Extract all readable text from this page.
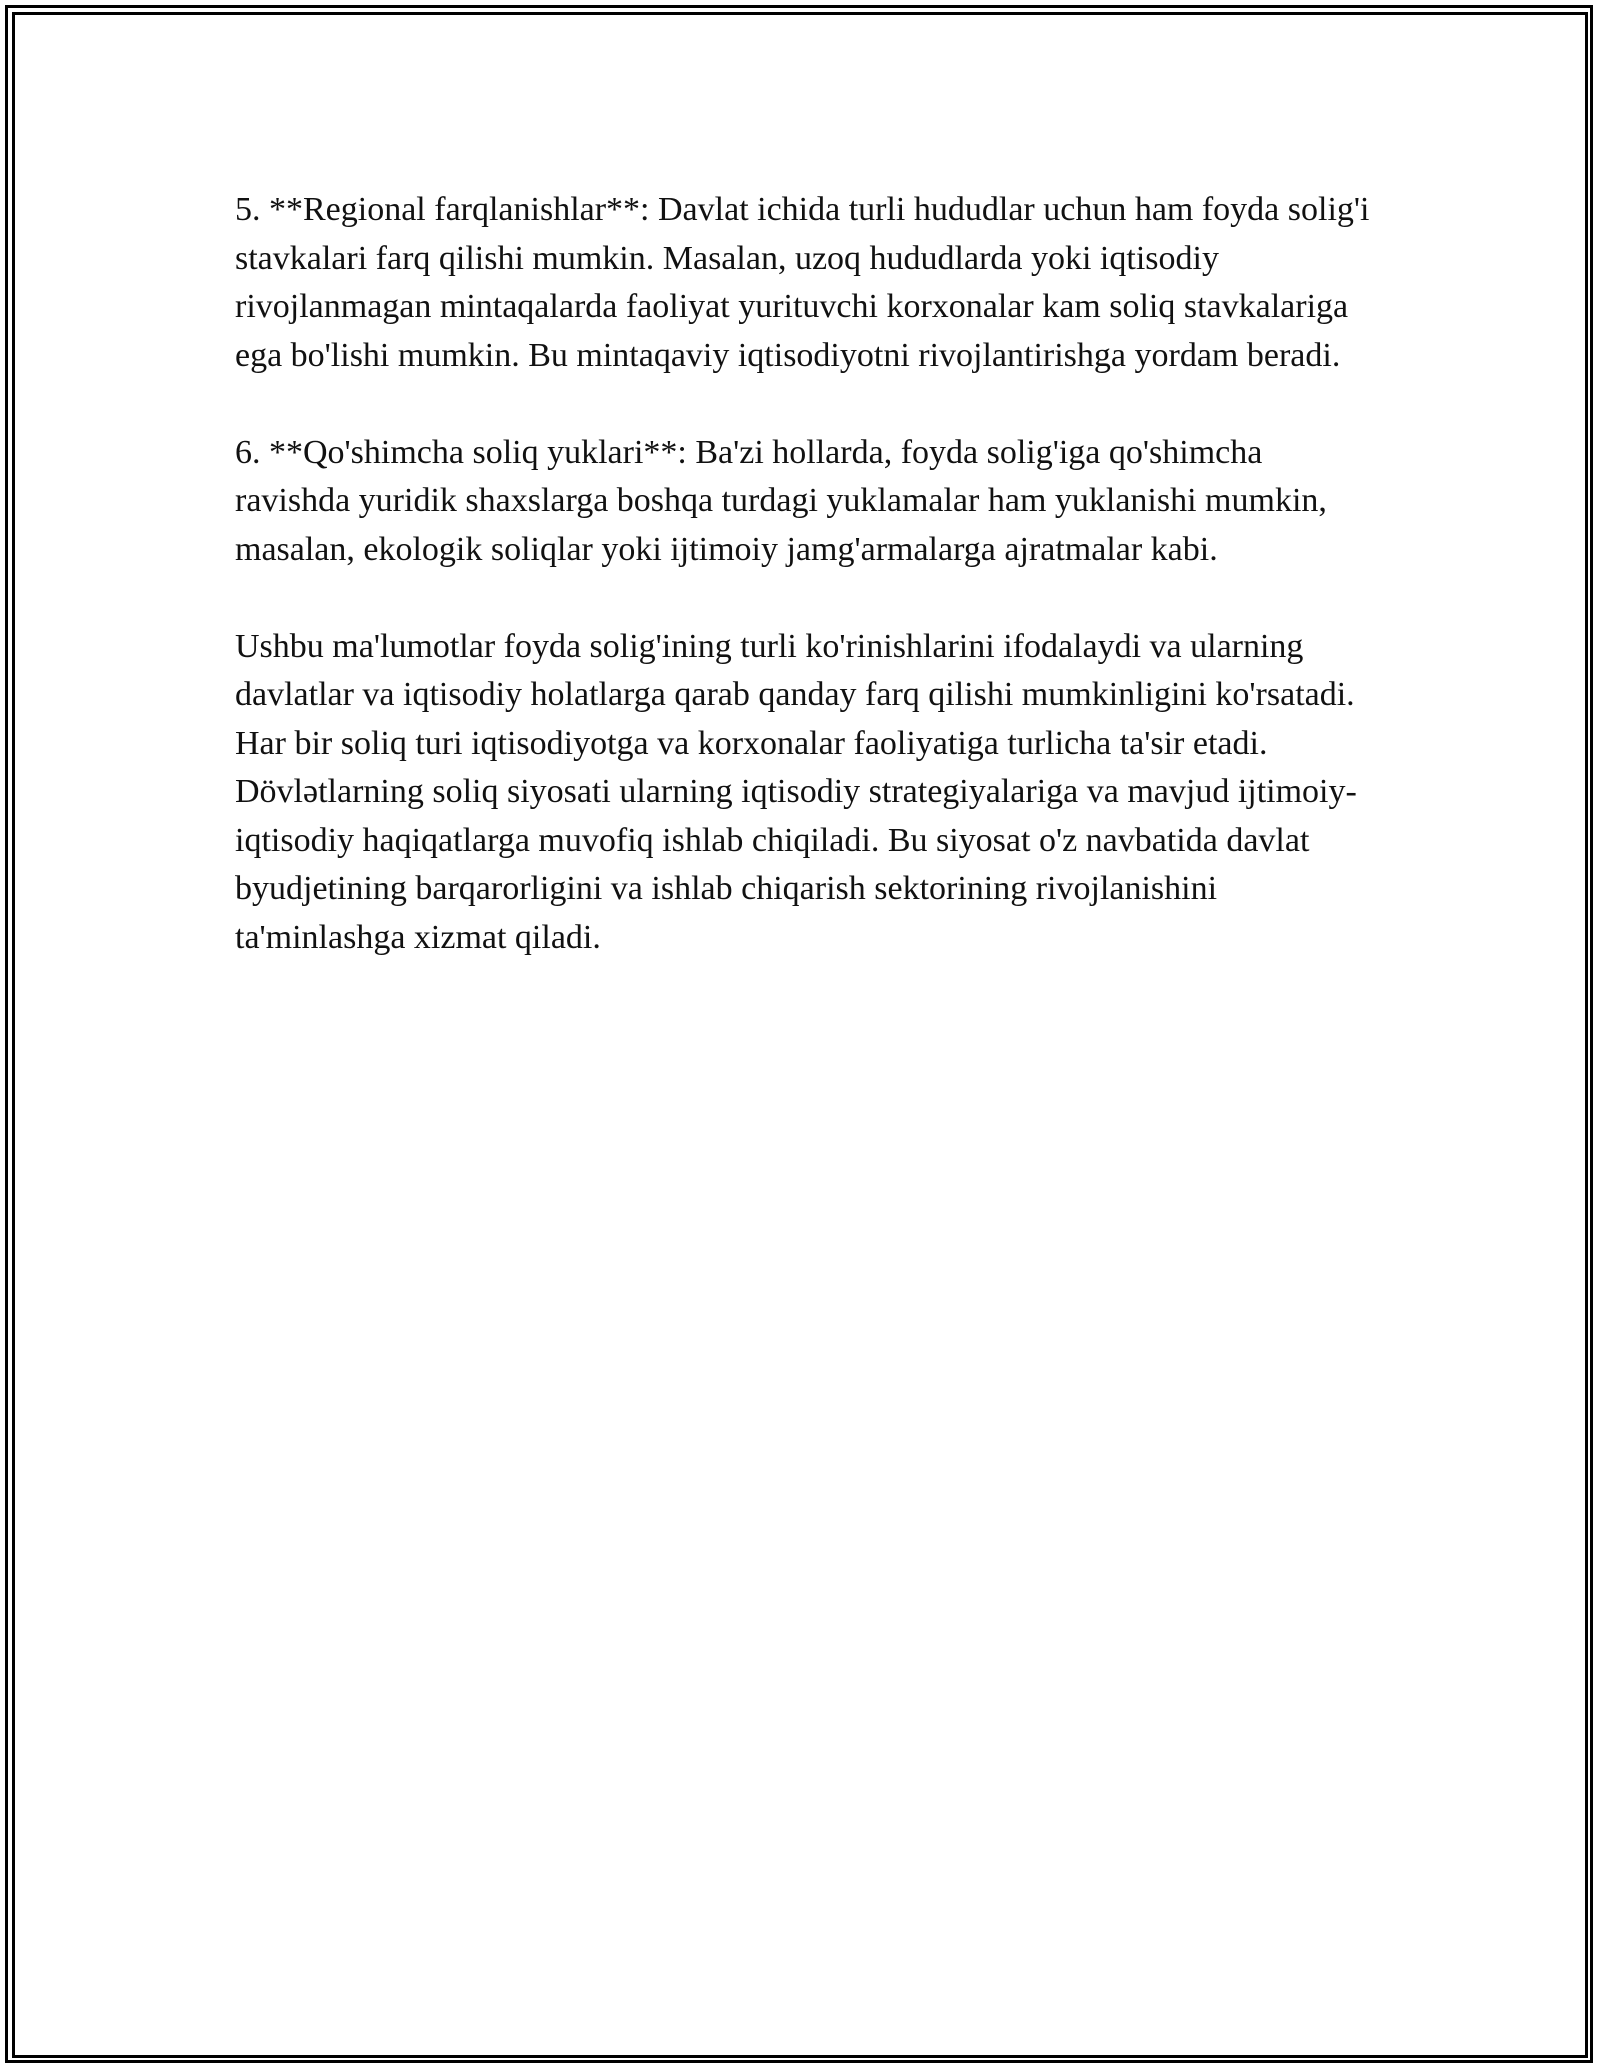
5. **Regional farqlanishlar**: Davlat ichida turli hududlar uchun ham foyda solig'i stavkalari farq qilishi mumkin. Masalan, uzoq hududlarda yoki iqtisodiy rivojlanmagan mintaqalarda faoliyat yurituvchi korxonalar kam soliq stavkalariga ega bo'lishi mumkin. Bu mintaqaviy iqtisodiyotni rivojlantirishga yordam beradi.

6. **Qo'shimcha soliq yuklari**: Ba'zi hollarda, foyda solig'iga qo'shimcha ravishda yuridik shaxslarga boshqa turdagi yuklamalar ham yuklanishi mumkin, masalan, ekologik soliqlar yoki ijtimoiy jamg'armalarga ajratmalar kabi.

Ushbu ma'lumotlar foyda solig'ining turli ko'rinishlarini ifodalaydi va ularning davlatlar va iqtisodiy holatlarga qarab qanday farq qilishi mumkinligini ko'rsatadi. Har bir soliq turi iqtisodiyotga va korxonalar faoliyatiga turlicha ta'sir etadi. Dövlətlarning soliq siyosati ularning iqtisodiy strategiyalariga va mavjud ijtimoiy-iqtisodiy haqiqatlarga muvofiq ishlab chiqiladi. Bu siyosat o'z navbatida davlat byudjetining barqarorligini va ishlab chiqarish sektorining rivojlanishini ta'minlashga xizmat qiladi.
